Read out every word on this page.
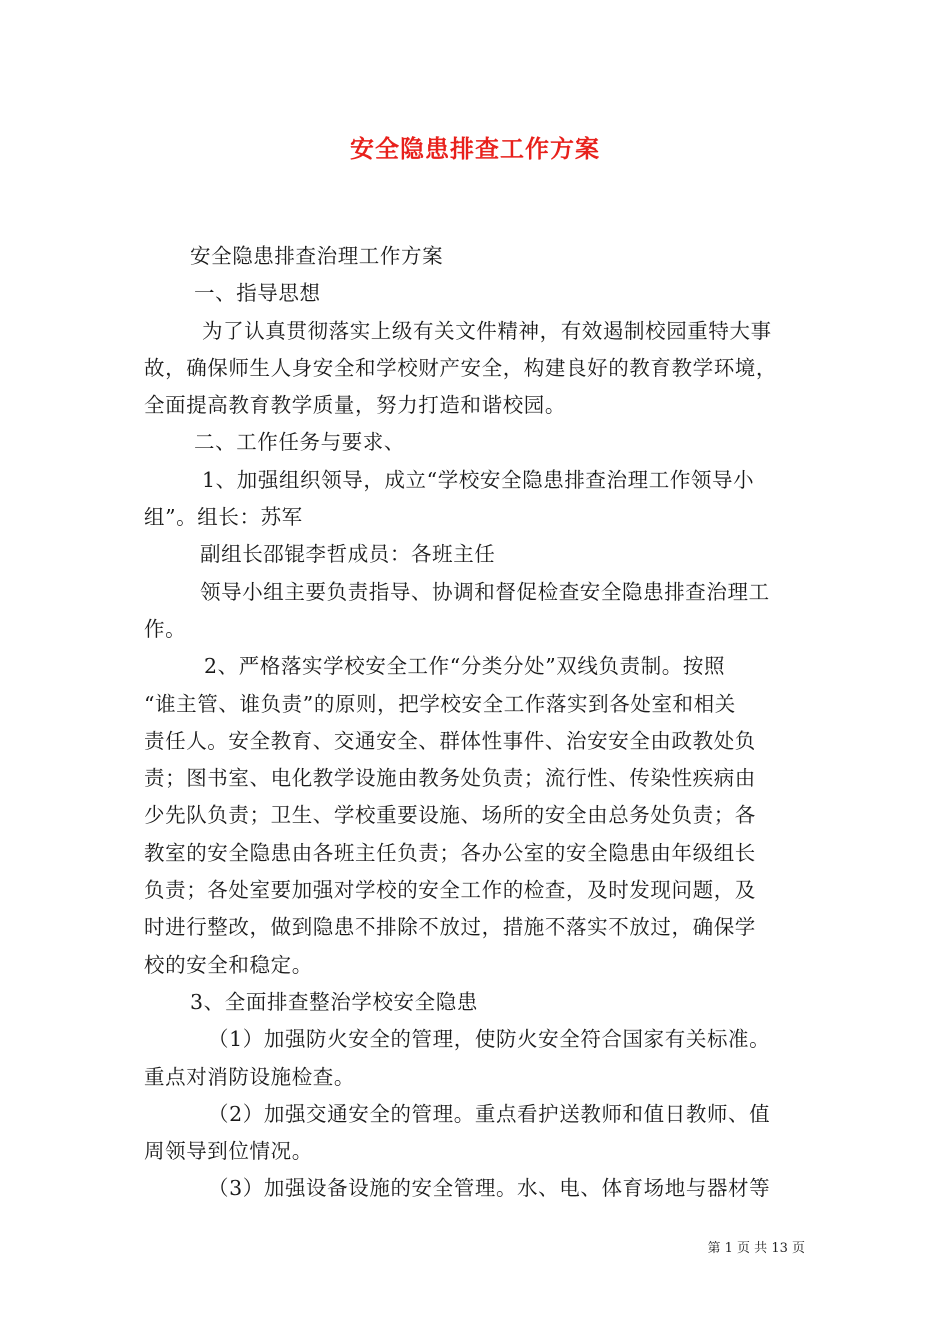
安全隐患排查工作方案
安全隐患排查治理工作方案
一、指导思想
为了认真贯彻落实上级有关文件精神，有效遏制校园重特大事
故，确保师生人身安全和学校财产安全，构建良好的教育教学环境，
全面提高教育教学质量，努力打造和谐校园。
二、工作任务与要求、
1、加强组织领导，成立“学校安全隐患排查治理工作领导小
组”。组长：苏军
副组长邵锟李哲成员：各班主任
领导小组主要负责指导、协调和督促检查安全隐患排查治理工
作。
2、严格落实学校安全工作“分类分处”双线负责制。按照
“谁主管、谁负责”的原则，把学校安全工作落实到各处室和相关
责任人。安全教育、交通安全、群体性事件、治安安全由政教处负
责；图书室、电化教学设施由教务处负责；流行性、传染性疾病由
少先队负责；卫生、学校重要设施、场所的安全由总务处负责；各
教室的安全隐患由各班主任负责；各办公室的安全隐患由年级组长
负责；各处室要加强对学校的安全工作的检查，及时发现问题，及
时进行整改，做到隐患不排除不放过，措施不落实不放过，确保学
校的安全和稳定。
3、全面排查整治学校安全隐患
（1）加强防火安全的管理，使防火安全符合国家有关标准。
重点对消防设施检查。
（2）加强交通安全的管理。重点看护送教师和值日教师、值
周领导到位情况。
（3）加强设备设施的安全管理。水、电、体育场地与器材等
第 1 页 共 13 页
